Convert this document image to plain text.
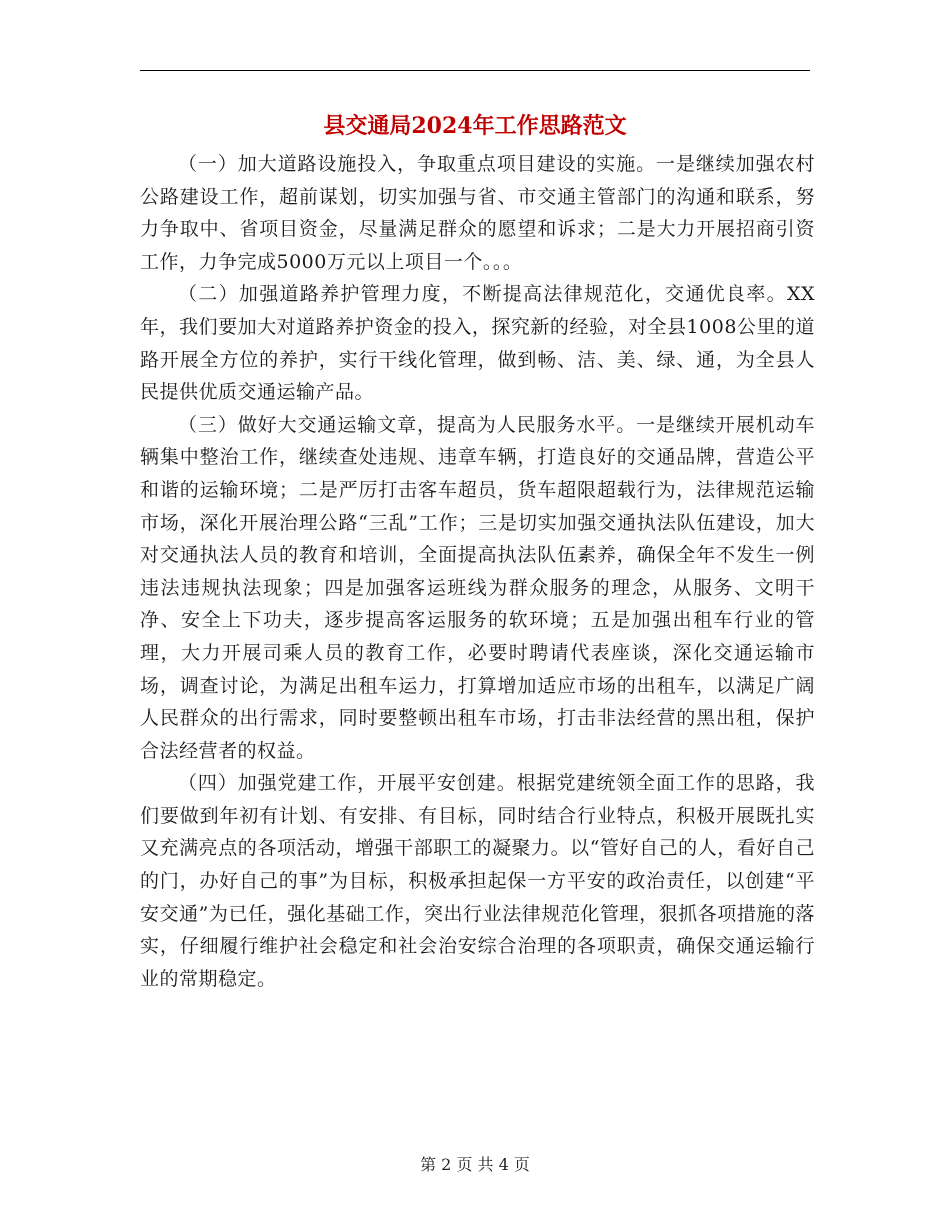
县交通局2024年工作思路范文

（一）加大道路设施投入，争取重点项目建设的实施。一是继续加强农村公路建设工作，超前谋划，切实加强与省、市交通主管部门的沟通和联系，努力争取中、省项目资金，尽量满足群众的愿望和诉求；二是大力开展招商引资工作，力争完成5000万元以上项目一个。。。

（二）加强道路养护管理力度，不断提高法律规范化，交通优良率。XX年，我们要加大对道路养护资金的投入，探究新的经验，对全县1008公里的道路开展全方位的养护，实行干线化管理，做到畅、洁、美、绿、通，为全县人民提供优质交通运输产品。

（三）做好大交通运输文章，提高为人民服务水平。一是继续开展机动车辆集中整治工作，继续查处违规、违章车辆，打造良好的交通品牌，营造公平和谐的运输环境；二是严厉打击客车超员，货车超限超载行为，法律规范运输市场，深化开展治理公路“三乱”工作；三是切实加强交通执法队伍建设，加大对交通执法人员的教育和培训，全面提高执法队伍素养，确保全年不发生一例违法违规执法现象；四是加强客运班线为群众服务的理念，从服务、文明干净、安全上下功夫，逐步提高客运服务的软环境；五是加强出租车行业的管理，大力开展司乘人员的教育工作，必要时聘请代表座谈，深化交通运输市场，调查讨论，为满足出租车运力，打算增加适应市场的出租车，以满足广阔人民群众的出行需求，同时要整顿出租车市场，打击非法经营的黑出租，保护合法经营者的权益。

（四）加强党建工作，开展平安创建。根据党建统领全面工作的思路，我们要做到年初有计划、有安排、有目标，同时结合行业特点，积极开展既扎实又充满亮点的各项活动，增强干部职工的凝聚力。以“管好自己的人，看好自己的门，办好自己的事”为目标，积极承担起保一方平安的政治责任，以创建“平安交通”为已任，强化基础工作，突出行业法律规范化管理，狠抓各项措施的落实，仔细履行维护社会稳定和社会治安综合治理的各项职责，确保交通运输行业的常期稳定。

第 2 页 共 4 页
